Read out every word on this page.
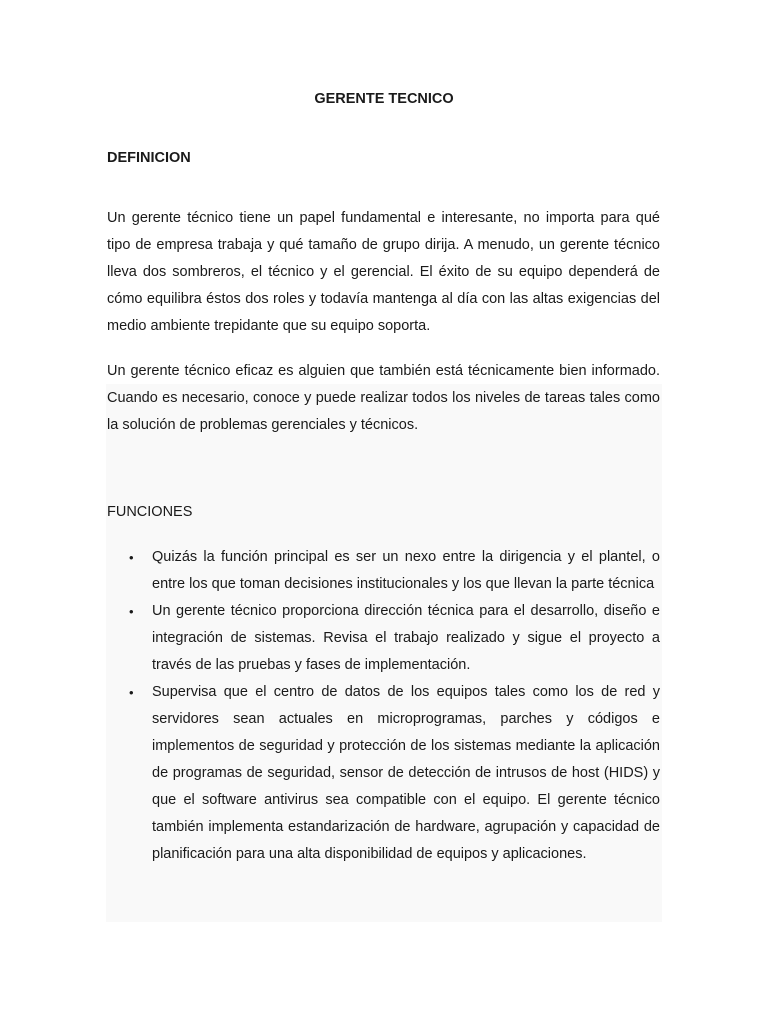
GERENTE TECNICO
DEFINICION

Un gerente técnico tiene un papel fundamental e interesante, no importa para qué tipo de empresa trabaja y qué tamaño de grupo dirija. A menudo, un gerente técnico lleva dos sombreros, el técnico y el gerencial. El éxito de su equipo dependerá de cómo equilibra éstos dos roles y todavía mantenga al día con las altas exigencias del medio ambiente trepidante que su equipo soporta.

Un gerente técnico eficaz es alguien que también está técnicamente bien informado. Cuando es necesario, conoce y puede realizar todos los niveles de tareas tales como la solución de problemas gerenciales y técnicos.

FUNCIONES
• Quizás la función principal es ser un nexo entre la dirigencia y el plantel, o entre los que toman decisiones institucionales y los que llevan la parte técnica
• Un gerente técnico proporciona dirección técnica para el desarrollo, diseño e integración de sistemas. Revisa el trabajo realizado y sigue el proyecto a través de las pruebas y fases de implementación.
• Supervisa que el centro de datos de los equipos tales como los de red y servidores sean actuales en microprogramas, parches y códigos e implementos de seguridad y protección de los sistemas mediante la aplicación de programas de seguridad, sensor de detección de intrusos de host (HIDS) y que el software antivirus sea compatible con el equipo. El gerente técnico también implementa estandarización de hardware, agrupación y capacidad de planificación para una alta disponibilidad de equipos y aplicaciones.
